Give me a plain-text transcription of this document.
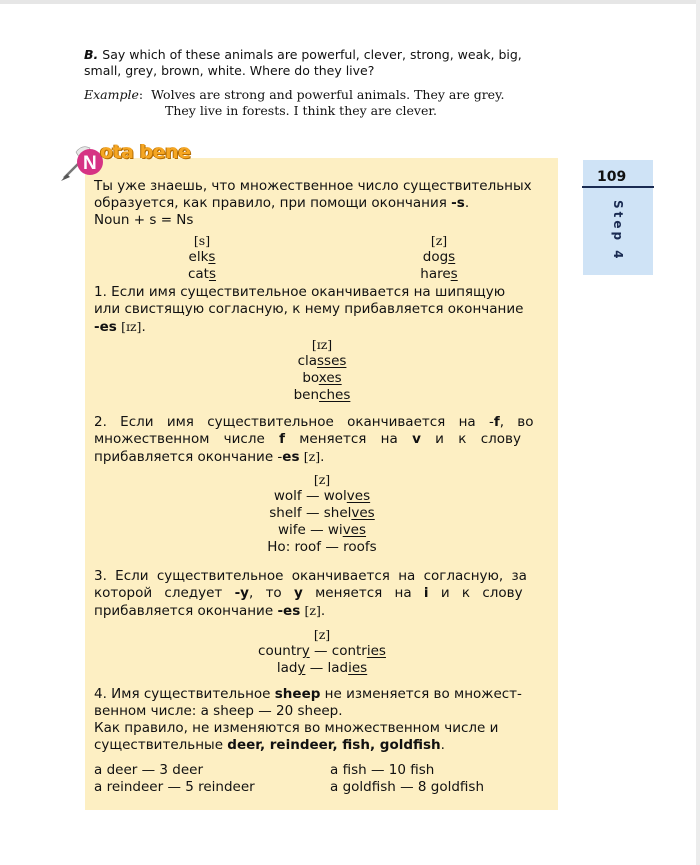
B. Say which of these animals are powerful, clever, strong, weak, big, small, grey, brown, white. Where do they live?
Example:  Wolves are strong and powerful animals. They are grey.
They live in forests. I think they are clever.
N
ota bene
109
Step 4
Ты уже знаешь, что множественное число существительных
образуется, как правило, при помощи окончания -s.
Noun + s = Ns
[s]
elks
cats
[z]
dogs
hares
1. Если имя существительное оканчивается на шипящую
или свистящую согласную, к нему прибавляется окончание
-es [ɪz].
[ɪz]
classes
boxes
benches
2. Если имя существительное оканчивается на -f, во
множественном числе f меняется на v и к слову
прибавляется окончание -es [z].
[z]
wolf — wolves
shelf — shelves
wife — wives
Но: roof — roofs
3. Если существительное оканчивается на согласную, за
которой следует -y, то y меняется на i и к слову
прибавляется окончание -es [z].
[z]
country — contries
lady — ladies
4. Имя существительное sheep не изменяется во множест-
венном числе: a sheep — 20 sheep.
Как правило, не изменяются во множественном числе и
существительные deer, reindeer, fish, goldfish.
a deer — 3 deer
a reindeer — 5 reindeer
a fish — 10 fish
a goldfish — 8 goldfish
